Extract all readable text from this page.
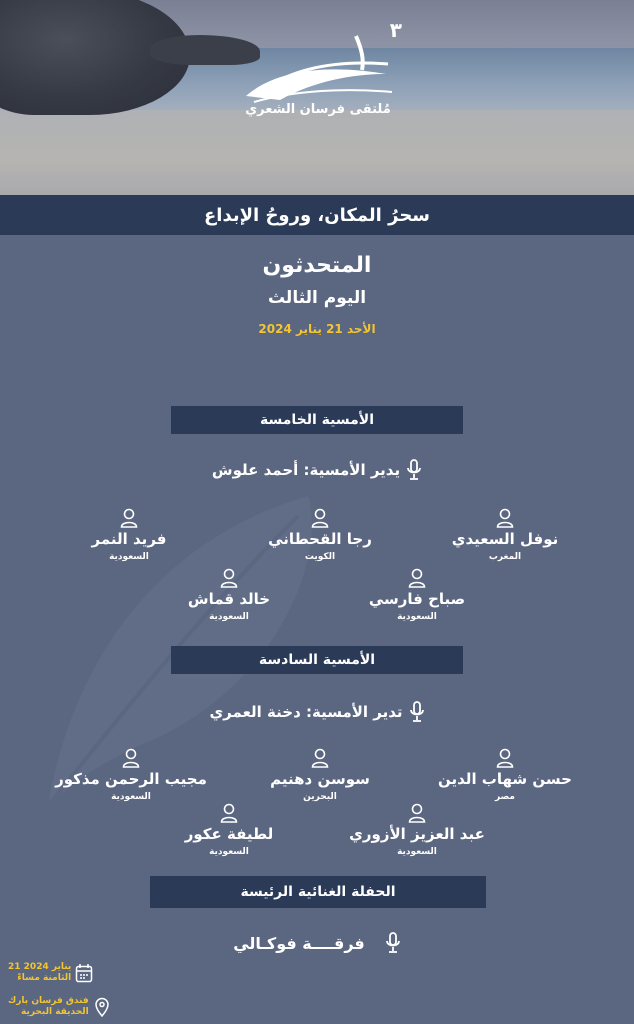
٣
مُلتقى فرسان الشعري
سحرُ المكان، وروحُ الإبداع
المتحدثون
اليوم الثالث
الأحد 21 يناير 2024
الأمسية الخامسة
يدير الأمسية: أحمد علوش
نوفل السعيدي
المغرب
رجا القحطاني
الكويت
فريد النمر
السعودية
صباح فارسي
السعودية
خالد قماش
السعودية
الأمسية السادسة
تدير الأمسية: دخنة العمري
حسن شهاب الدين
مصر
سوسن دهنيم
البحرين
مجيب الرحمن مذكور
السعودية
عبد العزيز الأزوري
السعودية
لطيفة عكور
السعودية
الحفلة الغنائية الرئيسة
فرقــــة فوكـالي
21 يناير 2024
الثامنة مساءً
فندق فرسان بارك
الحديقة البحرية
